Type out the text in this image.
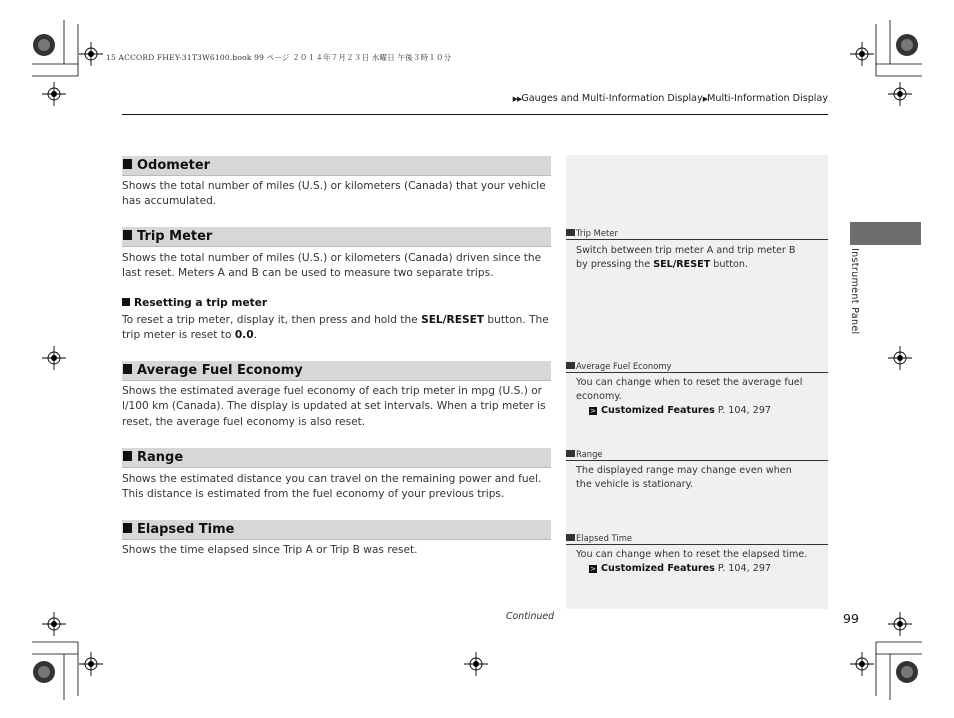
15 ACCORD FHEY-31T3W6100.book 99 ページ ２０１４年７月２３日 水曜日 午後３時１０分
▶▶Gauges and Multi-Information Display▶Multi-Information Display
Instrument Panel
Odometer
Shows the total number of miles (U.S.) or kilometers (Canada) that your vehicle has accumulated.
Trip Meter
Shows the total number of miles (U.S.) or kilometers (Canada) driven since the last reset. Meters A and B can be used to measure two separate trips.
Resetting a trip meter
To reset a trip meter, display it, then press and hold the SEL/RESET button. The trip meter is reset to 0.0.
Average Fuel Economy
Shows the estimated average fuel economy of each trip meter in mpg (U.S.) or l/100 km (Canada). The display is updated at set intervals. When a trip meter is reset, the average fuel economy is also reset.
Range
Shows the estimated distance you can travel on the remaining power and fuel. This distance is estimated from the fuel economy of your previous trips.
Elapsed Time
Shows the time elapsed since Trip A or Trip B was reset.
Trip Meter
Switch between trip meter A and trip meter B by pressing the SEL/RESET button.
Average Fuel Economy
You can change when to reset the average fuel economy.
> Customized Features P. 104, 297
Range
The displayed range may change even when the vehicle is stationary.
Elapsed Time
You can change when to reset the elapsed time.
> Customized Features P. 104, 297
Continued	99
